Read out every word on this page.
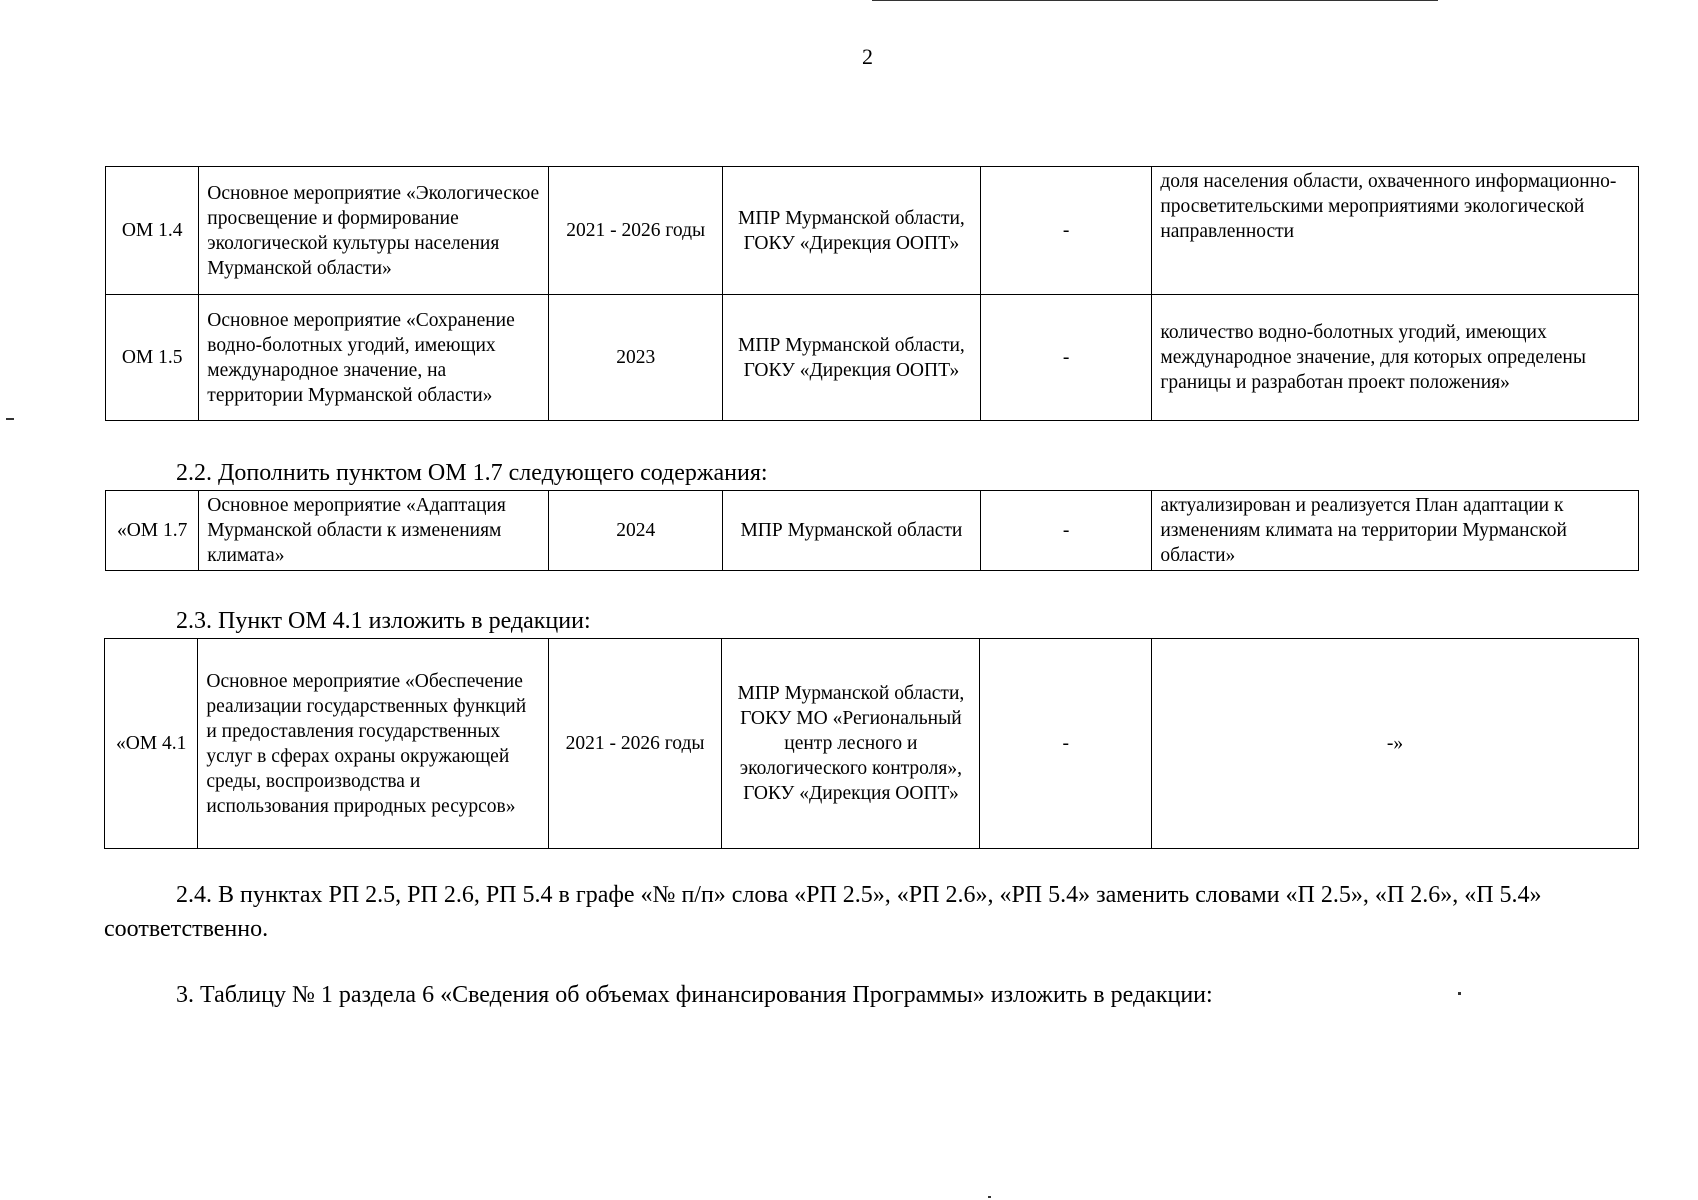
2
ОМ 1.4	Основное мероприятие «Экологическое просвещение и формирование экологической культуры населения Мурманской области»	2021 - 2026 годы	МПР Мурманской области, ГОКУ «Дирекция ООПТ»	-	доля населения области, охваченного информационно-просветительскими мероприятиями экологической направленности
ОМ 1.5	Основное мероприятие «Сохранение водно-болотных угодий, имеющих международное значение, на территории Мурманской области»	2023	МПР Мурманской области, ГОКУ «Дирекция ООПТ»	-	количество водно-болотных угодий, имеющих международное значение, для которых определены границы и разработан проект положения»
2.2. Дополнить пунктом ОМ 1.7 следующего содержания:
«ОМ 1.7	Основное мероприятие «Адаптация Мурманской области к изменениям климата»	2024	МПР Мурманской области	-	актуализирован и реализуется План адаптации к изменениям климата на территории Мурманской области»
2.3. Пункт ОМ 4.1 изложить в редакции:
«ОМ 4.1	Основное мероприятие «Обеспечение реализации государственных функций и предоставления государственных услуг в сферах охраны окружающей среды, воспроизводства и использования природных ресурсов»	2021 - 2026 годы	МПР Мурманской области, ГОКУ МО «Региональный центр лесного и экологического контроля», ГОКУ «Дирекция ООПТ»	-	-»
2.4. В пунктах РП 2.5, РП 2.6, РП 5.4 в графе «№ п/п» слова «РП 2.5», «РП 2.6», «РП 5.4» заменить словами «П 2.5», «П 2.6», «П 5.4» соответственно.
3. Таблицу № 1 раздела 6 «Сведения об объемах финансирования Программы» изложить в редакции:
